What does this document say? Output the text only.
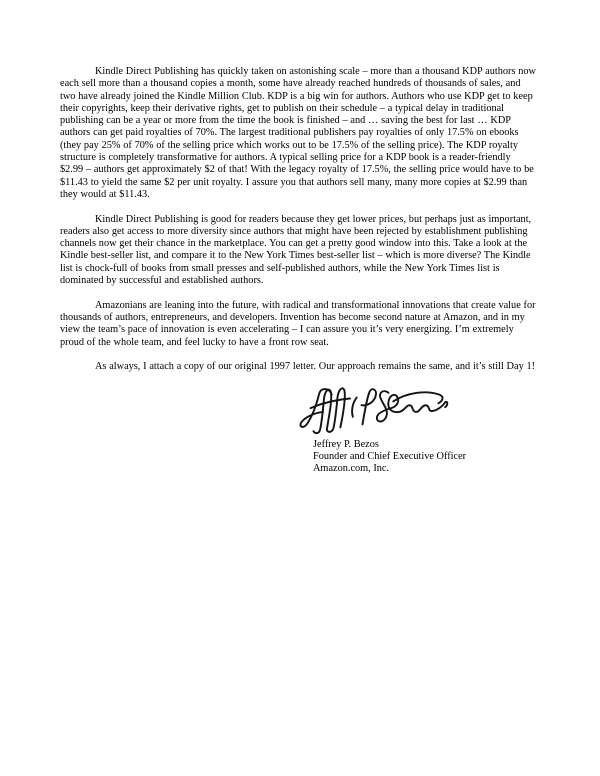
Kindle Direct Publishing has quickly taken on astonishing scale – more than a thousand KDP authors now each sell more than a thousand copies a month, some have already reached hundreds of thousands of sales, and two have already joined the Kindle Million Club. KDP is a big win for authors. Authors who use KDP get to keep their copyrights, keep their derivative rights, get to publish on their schedule – a typical delay in traditional publishing can be a year or more from the time the book is finished – and … saving the best for last … KDP authors can get paid royalties of 70%. The largest traditional publishers pay royalties of only 17.5% on ebooks (they pay 25% of 70% of the selling price which works out to be 17.5% of the selling price). The KDP royalty structure is completely transformative for authors. A typical selling price for a KDP book is a reader-friendly $2.99 – authors get approximately $2 of that! With the legacy royalty of 17.5%, the selling price would have to be $11.43 to yield the same $2 per unit royalty. I assure you that authors sell many, many more copies at $2.99 than they would at $11.43.

Kindle Direct Publishing is good for readers because they get lower prices, but perhaps just as important, readers also get access to more diversity since authors that might have been rejected by establishment publishing channels now get their chance in the marketplace. You can get a pretty good window into this. Take a look at the Kindle best-seller list, and compare it to the New York Times best-seller list – which is more diverse? The Kindle list is chock-full of books from small presses and self-published authors, while the New York Times list is dominated by successful and established authors.

Amazonians are leaning into the future, with radical and transformational innovations that create value for thousands of authors, entrepreneurs, and developers. Invention has become second nature at Amazon, and in my view the team’s pace of innovation is even accelerating – I can assure you it’s very energizing. I’m extremely proud of the whole team, and feel lucky to have a front row seat.

As always, I attach a copy of our original 1997 letter. Our approach remains the same, and it’s still Day 1!

Jeffrey P. Bezos

Founder and Chief Executive Officer

Amazon.com, Inc.
